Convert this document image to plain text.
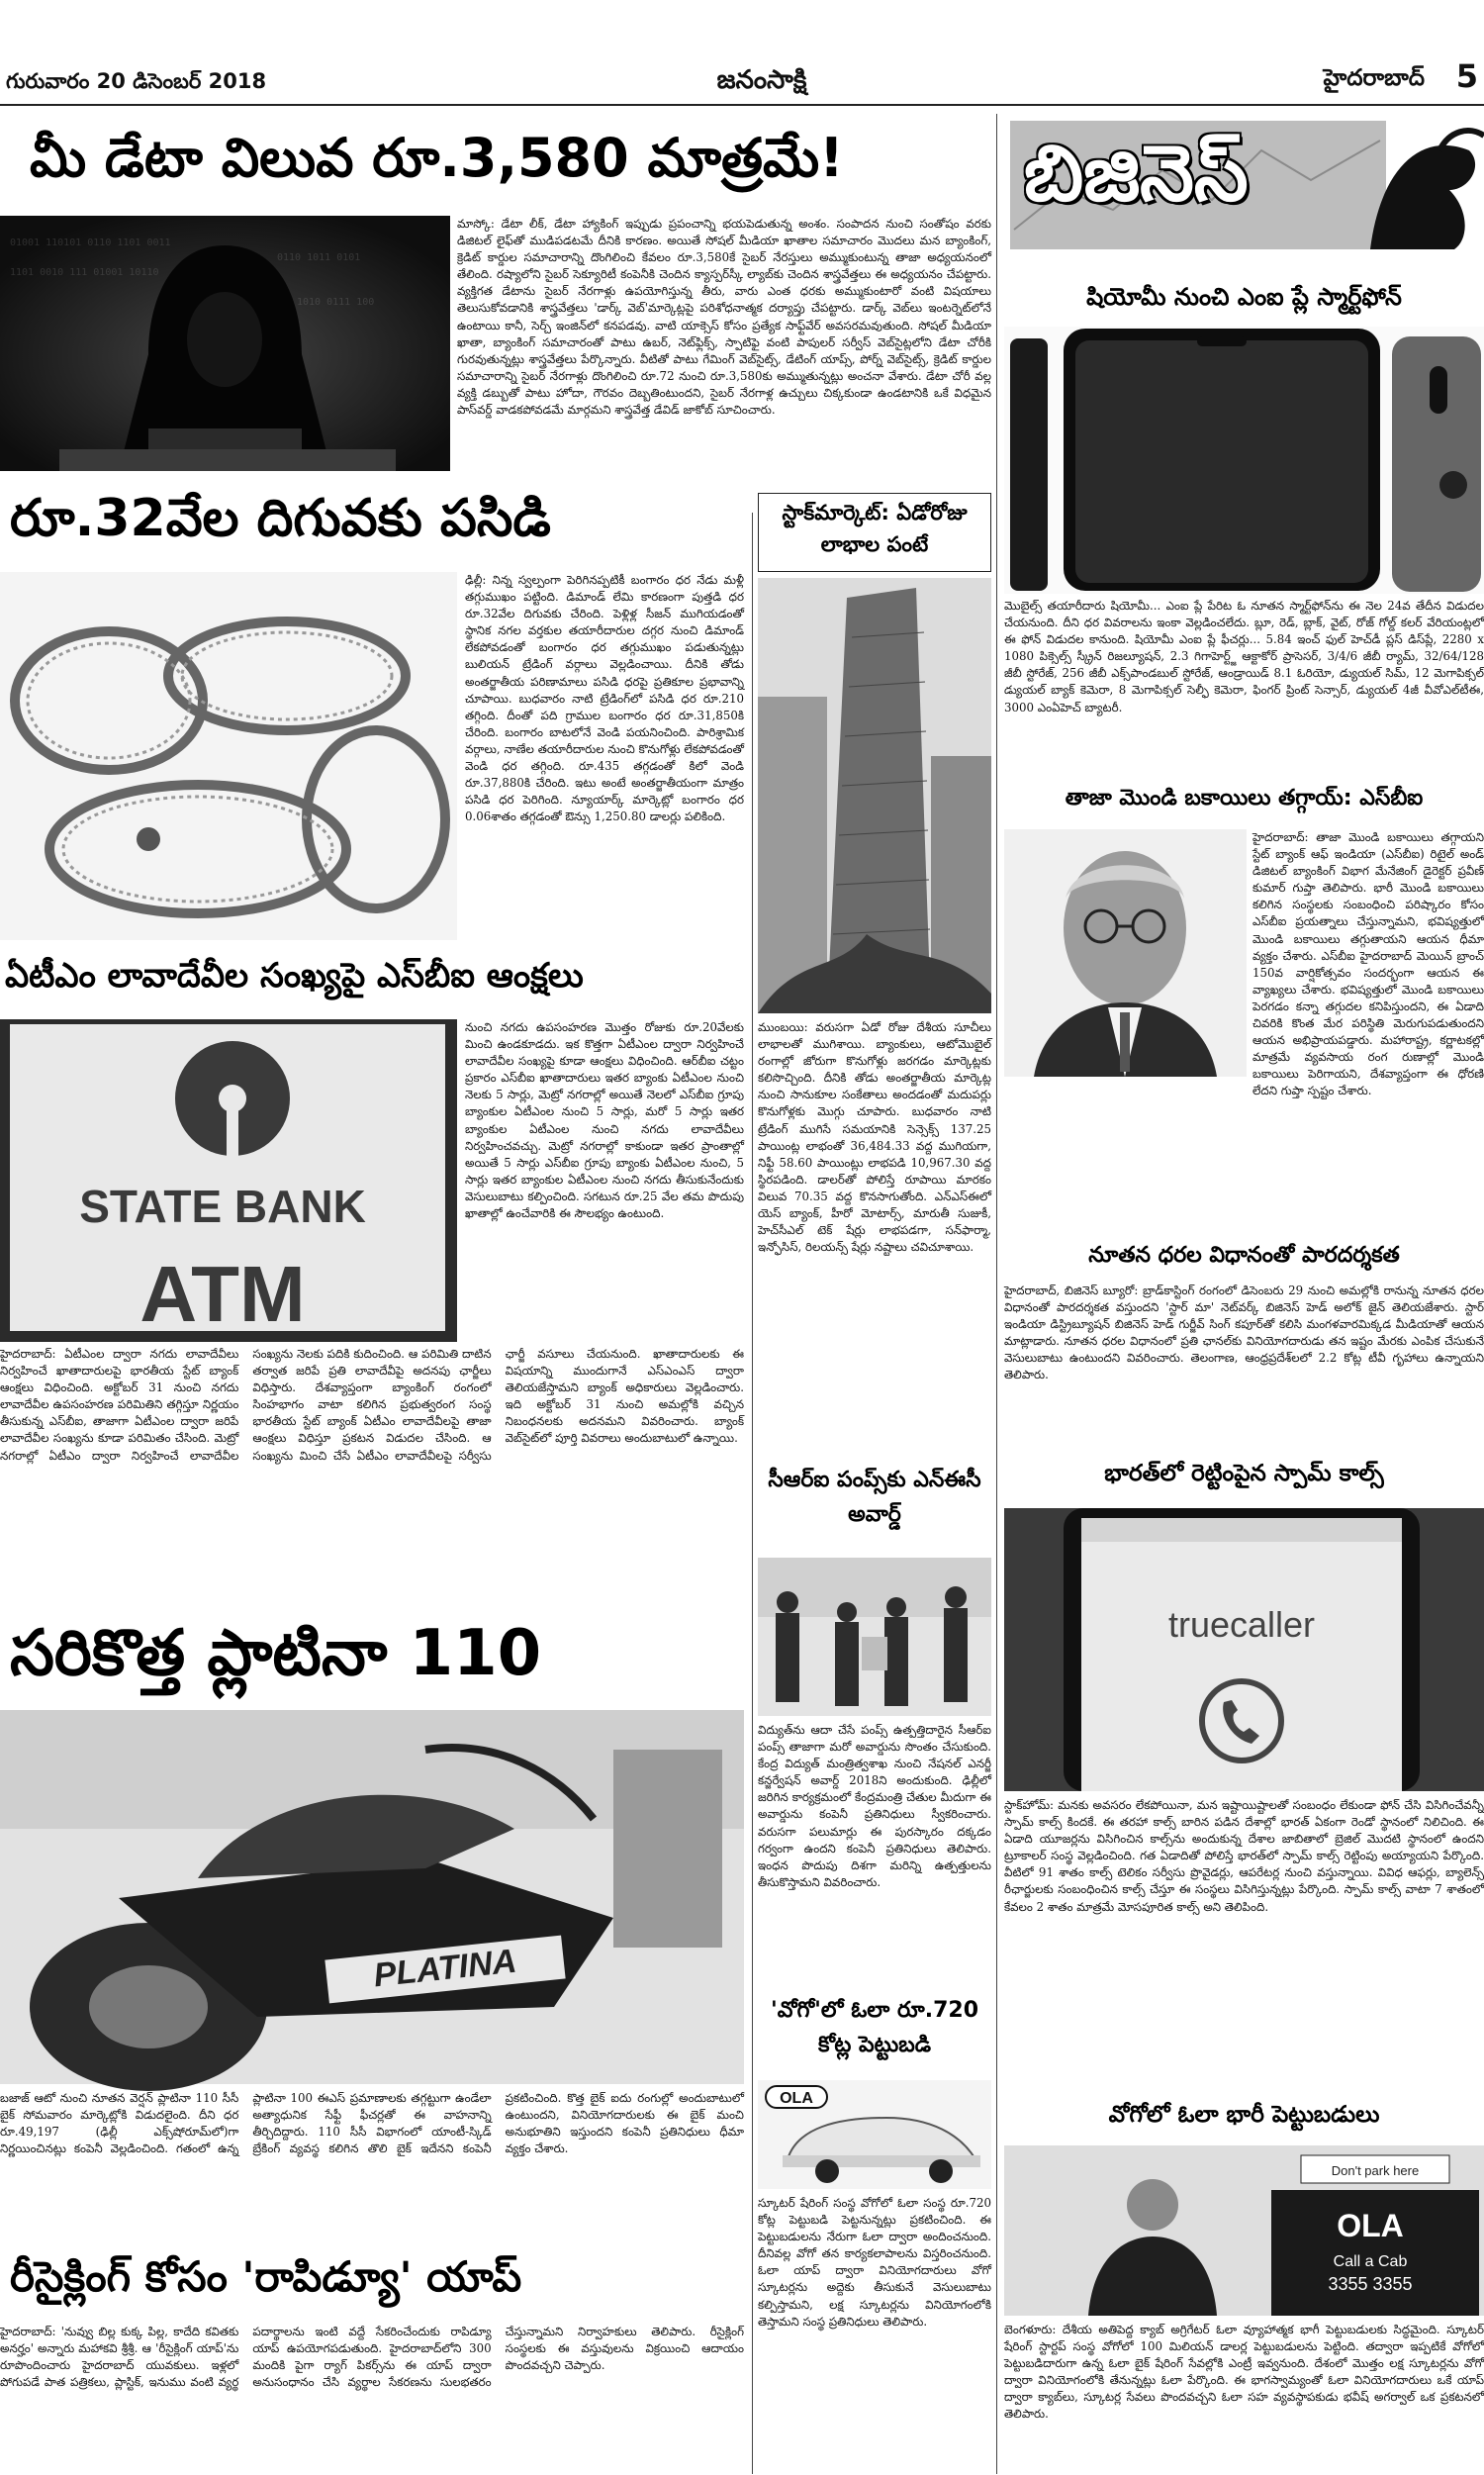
గురువారం 20 డిసెంబర్ 2018	జనంసాక్షి	హైదరాబాద్ 5
మీ డేటా విలువ రూ.3,580 మాత్రమే!
01001 110101 0110 1101 0011
1101 0010 111 01001 10110
0110 1011 0101
1010 0111 100
మాస్కో: డేటా లీక్, డేటా హ్యాకింగ్ ఇప్పుడు ప్రపంచాన్ని భయపెడుతున్న అంశం. సంపాదన నుంచి సంతోషం వరకు డిజిటల్ లైఫ్‌తో ముడిపడటమే దీనికి కారణం. అయితే సోషల్ మీడియా ఖాతాల సమాచారం మొదలు మన బ్యాంకింగ్, క్రెడిట్ కార్డుల సమాచారాన్ని దొంగిలించి కేవలం రూ.3,580కే సైబర్ నేరస్తులు అమ్ముకుంటున్న తాజా అధ్యయనంలో తేలింది. రష్యాలోని సైబర్ సెక్యూరిటీ కంపెనీకి చెందిన క్యాస్పర్‌స్కీ ల్యాబ్‌కు చెందిన శాస్త్రవేత్తలు ఈ అధ్యయనం చేపట్టారు. వ్యక్తిగత డేటాను సైబర్ నేరగాళ్లు ఉపయోగిస్తున్న తీరు, వారు ఎంత ధరకు అమ్ముకుంటారో వంటి విషయాలు తెలుసుకోవడానికి శాస్త్రవేత్తలు 'డార్క్ వెబ్'మార్కెట్లపై పరిశోధనాత్మక దర్యాప్తు చేపట్టారు. డార్క్ వెబ్‌లు ఇంటర్నెట్‌లోనే ఉంటాయి కానీ, సెర్చ్ ఇంజిన్‌లో కనపడవు. వాటి యాక్సెస్ కోసం ప్రత్యేక సాఫ్ట్‌వేర్ అవసరమవుతుంది. సోషల్ మీడియా ఖాతా, బ్యాంకింగ్ సమాచారంతో పాటు ఉబర్, నెట్‌ఫ్లిక్స్, స్పాటిఫై వంటి పాపులర్ సర్వీస్ వెబ్‌సైట్లలోని డేటా చోరీకి గురవుతున్నట్లు శాస్త్రవేత్తలు పేర్కొన్నారు. వీటితో పాటు గేమింగ్ వెబ్‌సైట్స్, డేటింగ్ యాప్స్, పోర్న్ వెబ్‌సైట్స్, క్రెడిట్ కార్డుల సమాచారాన్ని సైబర్ నేరగాళ్లు దొంగిలించి రూ.72 నుంచి రూ.3,580కు అమ్ముతున్నట్లు అంచనా వేశారు. డేటా చోరీ వల్ల వ్యక్తి డబ్బుతో పాటు హోదా, గౌరవం దెబ్బతింటుందని, సైబర్ నేరగాళ్ల ఉచ్చులు చిక్కకుండా ఉండటానికి ఒకే విధమైన పాస్‌వర్డ్ వాడకపోవడమే మార్గమని శాస్త్రవేత్త డేవిడ్ జాకోబ్ సూచించారు.
రూ.32వేల దిగువకు పసిడి
ఢిల్లీ: నిన్న స్వల్పంగా పెరిగినప్పటికీ బంగారం ధర నేడు మళ్లీ తగ్గుముఖం పట్టింది. డిమాండ్ లేమి కారణంగా పుత్తడి ధర రూ.32వేల దిగువకు చేరింది. పెళ్లిళ్ల సీజన్ ముగియడంతో స్థానిక నగల వర్తకుల తయారీదారుల దగ్గర నుంచి డిమాండ్ లేకపోవడంతో బంగారం ధర తగ్గుముఖం పడుతున్నట్లు బులియన్ ట్రేడింగ్ వర్గాలు వెల్లడించాయి. దీనికి తోడు అంతర్జాతీయ పరిణామాలు పసిడి ధరపై ప్రతికూల ప్రభావాన్ని చూపాయి. బుధవారం నాటి ట్రేడింగ్‌లో పసిడి ధర రూ.210 తగ్గింది. దీంతో పది గ్రాముల బంగారం ధర రూ.31,850కి చేరింది. బంగారం బాటలోనే వెండి పయనించింది. పారిశ్రామిక వర్గాలు, నాణేల తయారీదారుల నుంచి కొనుగోళ్లు లేకపోవడంతో వెండి ధర తగ్గింది. రూ.435 తగ్గడంతో కిలో వెండి రూ.37,880కి చేరింది. ఇటు అంటే అంతర్జాతీయంగా మాత్రం పసిడి ధర పెరిగింది. న్యూయార్క్ మార్కెట్లో బంగారం ధర 0.06శాతం తగ్గడంతో ఔన్సు 1,250.80 డాలర్లు పలికింది.
ఏటీఎం లావాదేవీల సంఖ్యపై ఎస్‌బీఐ ఆంక్షలు
STATE BANK
ATM
నుంచి నగదు ఉపసంహరణ మొత్తం రోజుకు రూ.20వేలకు మించి ఉండకూడదు. ఇక కొత్తగా ఏటీఎంల ద్వారా నిర్వహించే లావాదేవీల సంఖ్యపై కూడా ఆంక్షలు విధించింది. ఆర్‌బీఐ చట్టం ప్రకారం ఎస్‌బీఐ ఖాతాదారులు ఇతర బ్యాంకు ఏటీఎంల నుంచి నెలకు 5 సార్లు, మెట్రో నగరాల్లో అయితే నెలలో ఎస్‌బీఐ గ్రూపు బ్యాంకుల ఏటీఎంల నుంచి 5 సార్లు, మరో 5 సార్లు ఇతర బ్యాంకుల ఏటీఎంల నుంచి నగదు లావాదేవీలు నిర్వహించవచ్చు. మెట్రో నగరాల్లో కాకుండా ఇతర ప్రాంతాల్లో అయితే 5 సార్లు ఎస్‌బీఐ గ్రూపు బ్యాంకు ఏటీఎంల నుంచి, 5 సార్లు ఇతర బ్యాంకుల ఏటీఎంల నుంచి నగదు తీసుకునేందుకు వెసులుబాటు కల్పించింది. సగటున రూ.25 వేల తమ పొదుపు ఖాతాల్లో ఉంచేవారికి ఈ సౌలభ్యం ఉంటుంది.
హైదరాబాద్: ఏటీఎంల ద్వారా నగదు లావాదేవీలు నిర్వహించే ఖాతాదారులపై భారతీయ స్టేట్ బ్యాంక్ ఆంక్షలు విధించింది. అక్టోబర్ 31 నుంచి నగదు లావాదేవీల ఉపసంహరణ పరిమితిని తగ్గిస్తూ నిర్ణయం తీసుకున్న ఎస్‌బీఐ, తాజాగా ఏటీఎంల ద్వారా జరిపే లావాదేవీల సంఖ్యను కూడా పరిమితం చేసింది. మెట్రో నగరాల్లో ఏటీఎం ద్వారా నిర్వహించే లావాదేవీల సంఖ్యను నెలకు పదికి కుదించింది. ఆ పరిమితి దాటిన తర్వాత జరిపే ప్రతి లావాదేవీపై అదనపు ఛార్జీలు విధిస్తారు. దేశవ్యాప్తంగా బ్యాంకింగ్ రంగంలో సింహభాగం వాటా కలిగిన ప్రభుత్వరంగ సంస్థ భారతీయ స్టేట్ బ్యాంక్ ఏటీఎం లావాదేవీలపై తాజా ఆంక్షలు విధిస్తూ ప్రకటన విడుదల చేసింది. ఆ సంఖ్యను మించి చేసే ఏటీఎం లావాదేవీలపై సర్వీసు ఛార్జీ వసూలు చేయనుంది. ఖాతాదారులకు ఈ విషయాన్ని ముందుగానే ఎస్‌ఎంఎస్ ద్వారా తెలియజేస్తామని బ్యాంక్ అధికారులు వెల్లడించారు. ఇది అక్టోబర్ 31 నుంచి అమల్లోకి వచ్చిన నిబంధనలకు అదనమని వివరించారు. బ్యాంక్ వెబ్‌సైట్‌లో పూర్తి వివరాలు అందుబాటులో ఉన్నాయి.
సరికొత్త ప్లాటినా 110
PLATINA
బజాజ్ ఆటో నుంచి నూతన వెర్షన్ ప్లాటినా 110 సీసీ బైక్ సోమవారం మార్కెట్లోకి విడుదలైంది. దీని ధర రూ.49,197 (ఢిల్లీ ఎక్స్‌షోరూమ్‌లో)గా నిర్ణయించినట్లు కంపెనీ వెల్లడించింది. గతంలో ఉన్న ప్లాటినా 100 ఈఎస్ ప్రమాణాలకు తగ్గట్టుగా ఉండేలా అత్యాధునిక సేఫ్టీ ఫీచర్లతో ఈ వాహనాన్ని తీర్చిదిద్దారు. 110 సీసీ విభాగంలో యాంటీ-స్కిడ్ బ్రేకింగ్ వ్యవస్థ కలిగిన తొలి బైక్ ఇదేనని కంపెనీ ప్రకటించింది. కొత్త బైక్ ఐదు రంగుల్లో అందుబాటులో ఉంటుందని, వినియోగదారులకు ఈ బైక్ మంచి అనుభూతిని ఇస్తుందని కంపెనీ ప్రతినిధులు ధీమా వ్యక్తం చేశారు.
రీసైక్లింగ్ కోసం 'రాపిడ్యూ' యాప్
హైదరాబాద్: 'నువ్వు బిల్ల కుక్క పిల్ల, కాదేది కవితకు అనర్హం' అన్నారు మహాకవి శ్రీశ్రీ. ఆ 'రీసైక్లింగ్ యాప్'ను రూపొందించారు హైదరాబాద్ యువకులు. ఇళ్లలో పోగుపడే పాత పత్రికలు, ప్లాస్టిక్, ఇనుము వంటి వ్యర్థ పదార్థాలను ఇంటి వద్దే సేకరించేందుకు రాపిడ్యూ యాప్ ఉపయోగపడుతుంది. హైదరాబాద్‌లోని 300 మందికి పైగా ర్యాగ్ పికర్స్‌ను ఈ యాప్ ద్వారా అనుసంధానం చేసి వ్యర్థాల సేకరణను సులభతరం చేస్తున్నామని నిర్వాహకులు తెలిపారు. రీసైక్లింగ్ సంస్థలకు ఈ వస్తువులను విక్రయించి ఆదాయం పొందవచ్చని చెప్పారు.
స్టాక్‌మార్కెట్: ఏడోరోజు లాభాల పంటే
ముంబయి: వరుసగా ఏడో రోజు దేశీయ సూచీలు లాభాలతో ముగిశాయి. బ్యాంకులు, ఆటోమొబైల్ రంగాల్లో జోరుగా కొనుగోళ్లు జరగడం మార్కెట్లకు కలిసొచ్చింది. దీనికి తోడు అంతర్జాతీయ మార్కెట్ల నుంచి సానుకూల సంకేతాలు అందడంతో మదుపర్లు కొనుగోళ్లకు మొగ్గు చూపారు. బుధవారం నాటి ట్రేడింగ్ ముగిసే సమయానికి సెన్సెక్స్ 137.25 పాయింట్ల లాభంతో 36,484.33 వద్ద ముగియగా, నిఫ్టీ 58.60 పాయింట్లు లాభపడి 10,967.30 వద్ద స్థిరపడింది. డాలర్‌తో పోలిస్తే రూపాయి మారకం విలువ 70.35 వద్ద కొనసాగుతోంది. ఎన్‌ఎస్‌ఈలో యెస్ బ్యాంక్, హీరో మోటార్స్, మారుతీ సుజుకీ, హెచ్‌సీఎల్ టెక్ షేర్లు లాభపడగా, సన్‌ఫార్మా, ఇన్ఫోసిస్, రిలయన్స్ షేర్లు నష్టాలు చవిచూశాయి.
సీఆర్ఐ పంప్స్‌కు ఎన్‌ఈసీ అవార్డ్
విద్యుత్‌ను ఆదా చేసే పంప్స్ ఉత్పత్తిదారైన సీఆర్ఐ పంప్స్ తాజాగా మరో అవార్డును సొంతం చేసుకుంది. కేంద్ర విద్యుత్ మంత్రిత్వశాఖ నుంచి నేషనల్ ఎనర్జీ కన్జర్వేషన్ అవార్డ్ 2018ని అందుకుంది. ఢిల్లీలో జరిగిన కార్యక్రమంలో కేంద్రమంత్రి చేతుల మీదుగా ఈ అవార్డును కంపెనీ ప్రతినిధులు స్వీకరించారు. వరుసగా పలుమార్లు ఈ పురస్కారం దక్కడం గర్వంగా ఉందని కంపెనీ ప్రతినిధులు తెలిపారు. ఇంధన పొదుపు దిశగా మరిన్ని ఉత్పత్తులను తీసుకొస్తామని వివరించారు.
'వోగో'లో ఓలా రూ.720 కోట్ల పెట్టుబడి
OLA
స్కూటర్ షేరింగ్ సంస్థ వోగో‌లో ఓలా సంస్థ రూ.720 కోట్ల పెట్టుబడి పెట్టనున్నట్లు ప్రకటించింది. ఈ పెట్టుబడులను నేరుగా ఓలా ద్వారా అందించనుంది. దీనివల్ల వోగో తన కార్యకలాపాలను విస్తరించనుంది. ఓలా యాప్ ద్వారా వినియోగదారులు వోగో స్కూటర్లను అద్దెకు తీసుకునే వెసులుబాటు కల్పిస్తామని, లక్ష స్కూటర్లను వినియోగంలోకి తెస్తామని సంస్థ ప్రతినిధులు తెలిపారు.
బిజినెస్
షియోమీ నుంచి ఎంఐ ప్లే స్మార్ట్‌ఫోన్
మొబైల్స్ తయారీదారు షియోమీ... ఎంఐ ప్లే పేరిట ఓ నూతన స్మార్ట్‌ఫోన్‌ను ఈ నెల 24వ తేదీన విడుదల చేయనుంది. దీని ధర వివరాలను ఇంకా వెల్లడించలేదు. బ్లూ, రెడ్, బ్లాక్, వైట్, రోజ్ గోల్డ్ కలర్ వేరియంట్లలో ఈ ఫోన్ విడుదల కానుంది. షియోమీ ఎంఐ ప్లే ఫీచర్లు... 5.84 ఇంచ్ ఫుల్ హెచ్‌డీ ప్లస్ డిస్‌ప్లే, 2280 x 1080 పిక్సెల్స్ స్క్రీన్ రిజల్యూషన్, 2.3 గిగాహెర్ట్జ్ ఆక్టాకోర్ ప్రాసెసర్, 3/4/6 జీబీ ర్యామ్, 32/64/128 జీబీ స్టోరేజ్, 256 జీబీ ఎక్స్‌పాండబుల్ స్టోరేజ్, ఆండ్రాయిడ్ 8.1 ఓరియో, డ్యుయల్ సిమ్, 12 మెగాపిక్సల్ డ్యుయల్ బ్యాక్ కెమెరా, 8 మెగాపిక్సల్ సెల్ఫీ కెమెరా, ఫింగర్ ప్రింట్ సెన్సార్, డ్యుయల్ 4జీ వీవోఎల్‌టీఈ, 3000 ఎంఏహెచ్ బ్యాటరీ.
తాజా మొండి బకాయిలు తగ్గాయ్: ఎస్‌బీఐ
హైదరాబాద్: తాజా మొండి బకాయిలు తగ్గాయని స్టేట్ బ్యాంక్ ఆఫ్ ఇండియా (ఎస్‌బీఐ) రిటైల్ అండ్ డిజిటల్ బ్యాంకింగ్ విభాగ మేనేజింగ్ డైరెక్టర్ ప్రవీణ్ కుమార్ గుప్తా తెలిపారు. భారీ మొండి బకాయిలు కలిగిన సంస్థలకు సంబంధించి పరిష్కారం కోసం ఎస్‌బీఐ ప్రయత్నాలు చేస్తున్నామని, భవిష్యత్తులో మొండి బకాయిలు తగ్గుతాయని ఆయన ధీమా వ్యక్తం చేశారు. ఎస్‌బీఐ హైదరాబాద్ మెయిన్ బ్రాంచ్ 150వ వార్షికోత్సవం సందర్భంగా ఆయన ఈ వ్యాఖ్యలు చేశారు. భవిష్యత్తులో మొండి బకాయిలు పెరగడం కన్నా తగ్గుదల కనిపిస్తుందని, ఈ ఏడాది చివరికి కొంత మేర పరిస్థితి మెరుగుపడుతుందని ఆయన అభిప్రాయపడ్డారు. మహారాష్ట్ర, కర్ణాటకల్లో మాత్రమే వ్యవసాయ రంగ రుణాల్లో మొండి బకాయిలు పెరిగాయని, దేశవ్యాప్తంగా ఈ ధోరణి లేదని గుప్తా స్పష్టం చేశారు.
నూతన ధరల విధానంతో పారదర్శకత
హైదరాబాద్, బిజినెస్ బ్యూరో: బ్రాడ్‌కాస్టింగ్ రంగంలో డిసెంబరు 29 నుంచి అమల్లోకి రానున్న నూతన ధరల విధానంతో పారదర్శకత వస్తుందని 'స్టార్ మా' నెట్‌వర్క్ బిజినెస్ హెడ్ అలోక్ జైన్ తెలియజేశారు. స్టార్ ఇండియా డిస్ట్రిబ్యూషన్ బిజినెస్ హెడ్ గుర్జీవ్ సింగ్ కపూర్‌తో కలిసి మంగళవారమిక్కడ మీడియాతో ఆయన మాట్లాడారు. నూతన ధరల విధానంలో ప్రతి ఛానల్‌కు వినియోగదారుడు తన ఇష్టం మేరకు ఎంపిక చేసుకునే వెసులుబాటు ఉంటుందని వివరించారు. తెలంగాణ, ఆంధ్రప్రదేశ్‌లలో 2.2 కోట్ల టీవీ గృహాలు ఉన్నాయని తెలిపారు.
భారత్‌లో రెట్టింపైన స్పామ్ కాల్స్
truecaller
స్టాక్‌హోమ్: మనకు అవసరం లేకపోయినా, మన ఇష్టాయిష్టాలతో సంబంధం లేకుండా ఫోన్ చేసి విసిగించేవన్నీ స్పామ్ కాల్స్ కిందకే. ఈ తరహా కాల్స్ బారిన పడిన దేశాల్లో భారత్ ఏకంగా రెండో స్థానంలో నిలిచింది. ఈ ఏడాది యూజర్లను విసిగించిన కాల్స్‌ను అందుకున్న దేశాల జాబితాలో బ్రెజిల్ మొదటి స్థానంలో ఉందని ట్రూకాలర్ సంస్థ వెల్లడించింది. గత ఏడాదితో పోలిస్తే భారత్‌లో స్పామ్ కాల్స్ రెట్టింపు అయ్యాయని పేర్కొంది. వీటిలో 91 శాతం కాల్స్ టెలికం సర్వీసు ప్రొవైడర్లు, ఆపరేటర్ల నుంచి వస్తున్నాయి. వివిధ ఆఫర్లు, బ్యాలెన్స్ రీఛార్జులకు సంబంధించిన కాల్స్ చేస్తూ ఈ సంస్థలు విసిగిస్తున్నట్లు పేర్కొంది. స్పామ్ కాల్స్ వాటా 7 శాతంలో కేవలం 2 శాతం మాత్రమే మోసపూరిత కాల్స్ అని తెలిపింది.
వోగోలో ఓలా భారీ పెట్టుబడులు
Don't park here
OLA
Call a Cab
3355 3355
బెంగళూరు: దేశీయ అతిపెద్ద క్యాబ్ అగ్రిగేటర్ ఓలా వ్యూహాత్మక భాగీ పెట్టుబడులకు సిద్ధమైంది. స్కూటర్ షేరింగ్ స్టార్టప్ సంస్థ వోగోలో 100 మిలియన్ డాలర్ల పెట్టుబడులను పెట్టింది. తద్వారా ఇప్పటికే వోగోలో పెట్టుబడిదారుగా ఉన్న ఓలా బైక్ షేరింగ్ సేవల్లోకి ఎంట్రీ ఇవ్వనుంది. దేశంలో మొత్తం లక్ష స్కూటర్లను వోగో ద్వారా వినియోగంలోకి తేనున్నట్లు ఓలా పేర్కొంది. ఈ భాగస్వామ్యంతో ఓలా వినియోగదారులు ఒకే యాప్ ద్వారా క్యాబ్‌లు, స్కూటర్ల సేవలు పొందవచ్చని ఓలా సహ వ్యవస్థాపకుడు భవీష్ అగర్వాల్ ఒక ప్రకటనలో తెలిపారు.
